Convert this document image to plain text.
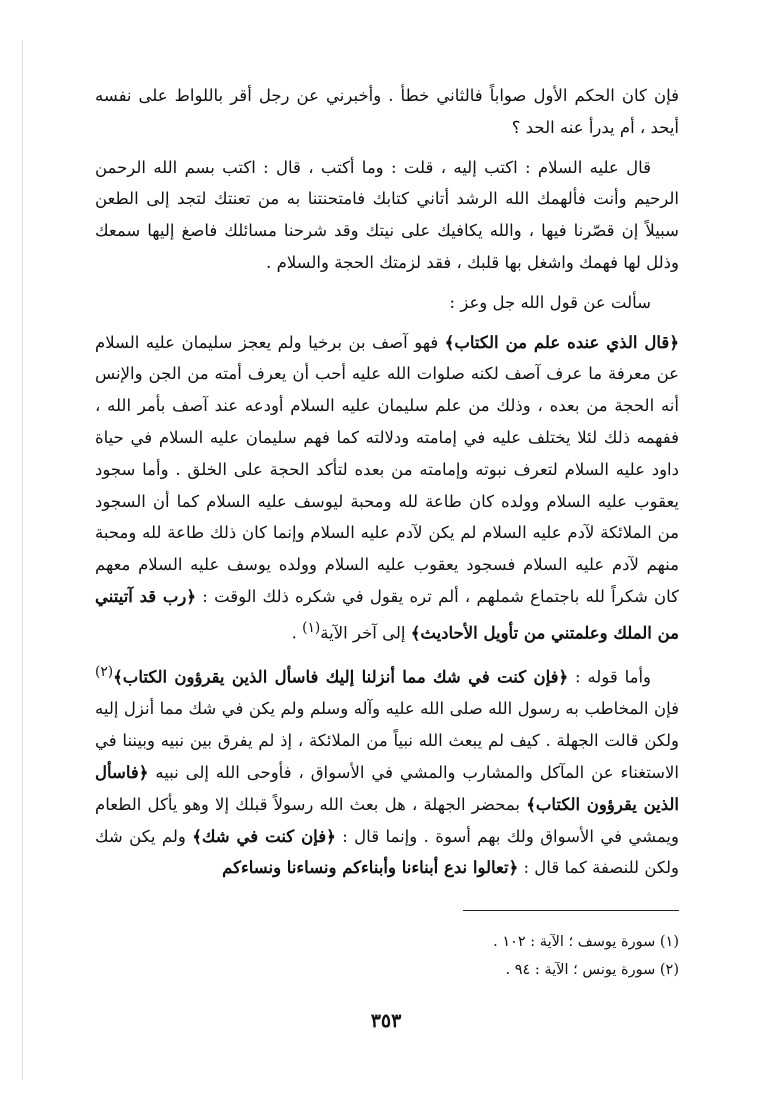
فإن كان الحكم الأول صواباً فالثاني خطأ . وأخبرني عن رجل أقر باللواط على نفسه أيحد ، أم يدرأ عنه الحد ؟

قال عليه السلام : اكتب إليه ، قلت : وما أكتب ، قال : اكتب بسم الله الرحمن الرحيم وأنت فألهمك الله الرشد أتاني كتابك فامتحنتنا به من تعنتك لتجد إلى الطعن سبيلاً إن قصّرنا فيها ، والله يكافيك على نيتك وقد شرحنا مسائلك فاصغ إليها سمعك وذلل لها فهمك واشغل بها قلبك ، فقد لزمتك الحجة والسلام .

سألت عن قول الله جل وعز :

﴿قال الذي عنده علم من الكتاب﴾ فهو آصف بن برخيا ولم يعجز سليمان عليه السلام عن معرفة ما عرف آصف لكنه صلوات الله عليه أحب أن يعرف أمته من الجن والإنس أنه الحجة من بعده ، وذلك من علم سليمان عليه السلام أودعه عند آصف بأمر الله ، ففهمه ذلك لئلا يختلف عليه في إمامته ودلالته كما فهم سليمان عليه السلام في حياة داود عليه السلام لتعرف نبوته وإمامته من بعده لتأكد الحجة على الخلق . وأما سجود يعقوب عليه السلام وولده كان طاعة لله ومحبة ليوسف عليه السلام كما أن السجود من الملائكة لآدم عليه السلام لم يكن لآدم عليه السلام وإنما كان ذلك طاعة لله ومحبة منهم لآدم عليه السلام فسجود يعقوب عليه السلام وولده يوسف عليه السلام معهم كان شكراً لله باجتماع شملهم ، ألم تره يقول في شكره ذلك الوقت : ﴿رب قد آتيتني من الملك وعلمتني من تأويل الأحاديث﴾ إلى آخر الآية$^{(١)}$ .

وأما قوله : ﴿فإن كنت في شك مما أنزلنا إليك فاسأل الذين يقرؤون الكتاب﴾$^{(٢)}$ فإن المخاطب به رسول الله صلى الله عليه وآله وسلم ولم يكن في شك مما أنزل إليه ولكن قالت الجهلة . كيف لم يبعث الله نبياً من الملائكة ، إذ لم يفرق بين نبيه وبيننا في الاستغناء عن المآكل والمشارب والمشي في الأسواق ، فأوحى الله إلى نبيه ﴿فاسأل الذين يقرؤون الكتاب﴾ بمحضر الجهلة ، هل بعث الله رسولاً قبلك إلا وهو يأكل الطعام ويمشي في الأسواق ولك بهم أسوة . وإنما قال : ﴿فإن كنت في شك﴾ ولم يكن شك ولكن للنصفة كما قال : ﴿تعالوا ندع أبناءنا وأبناءكم ونساءنا ونساءكم

(١) سورة يوسف ؛ الآية : ١٠٢ .
(٢) سورة يونس ؛ الآية : ٩٤ .
٣٥٣
